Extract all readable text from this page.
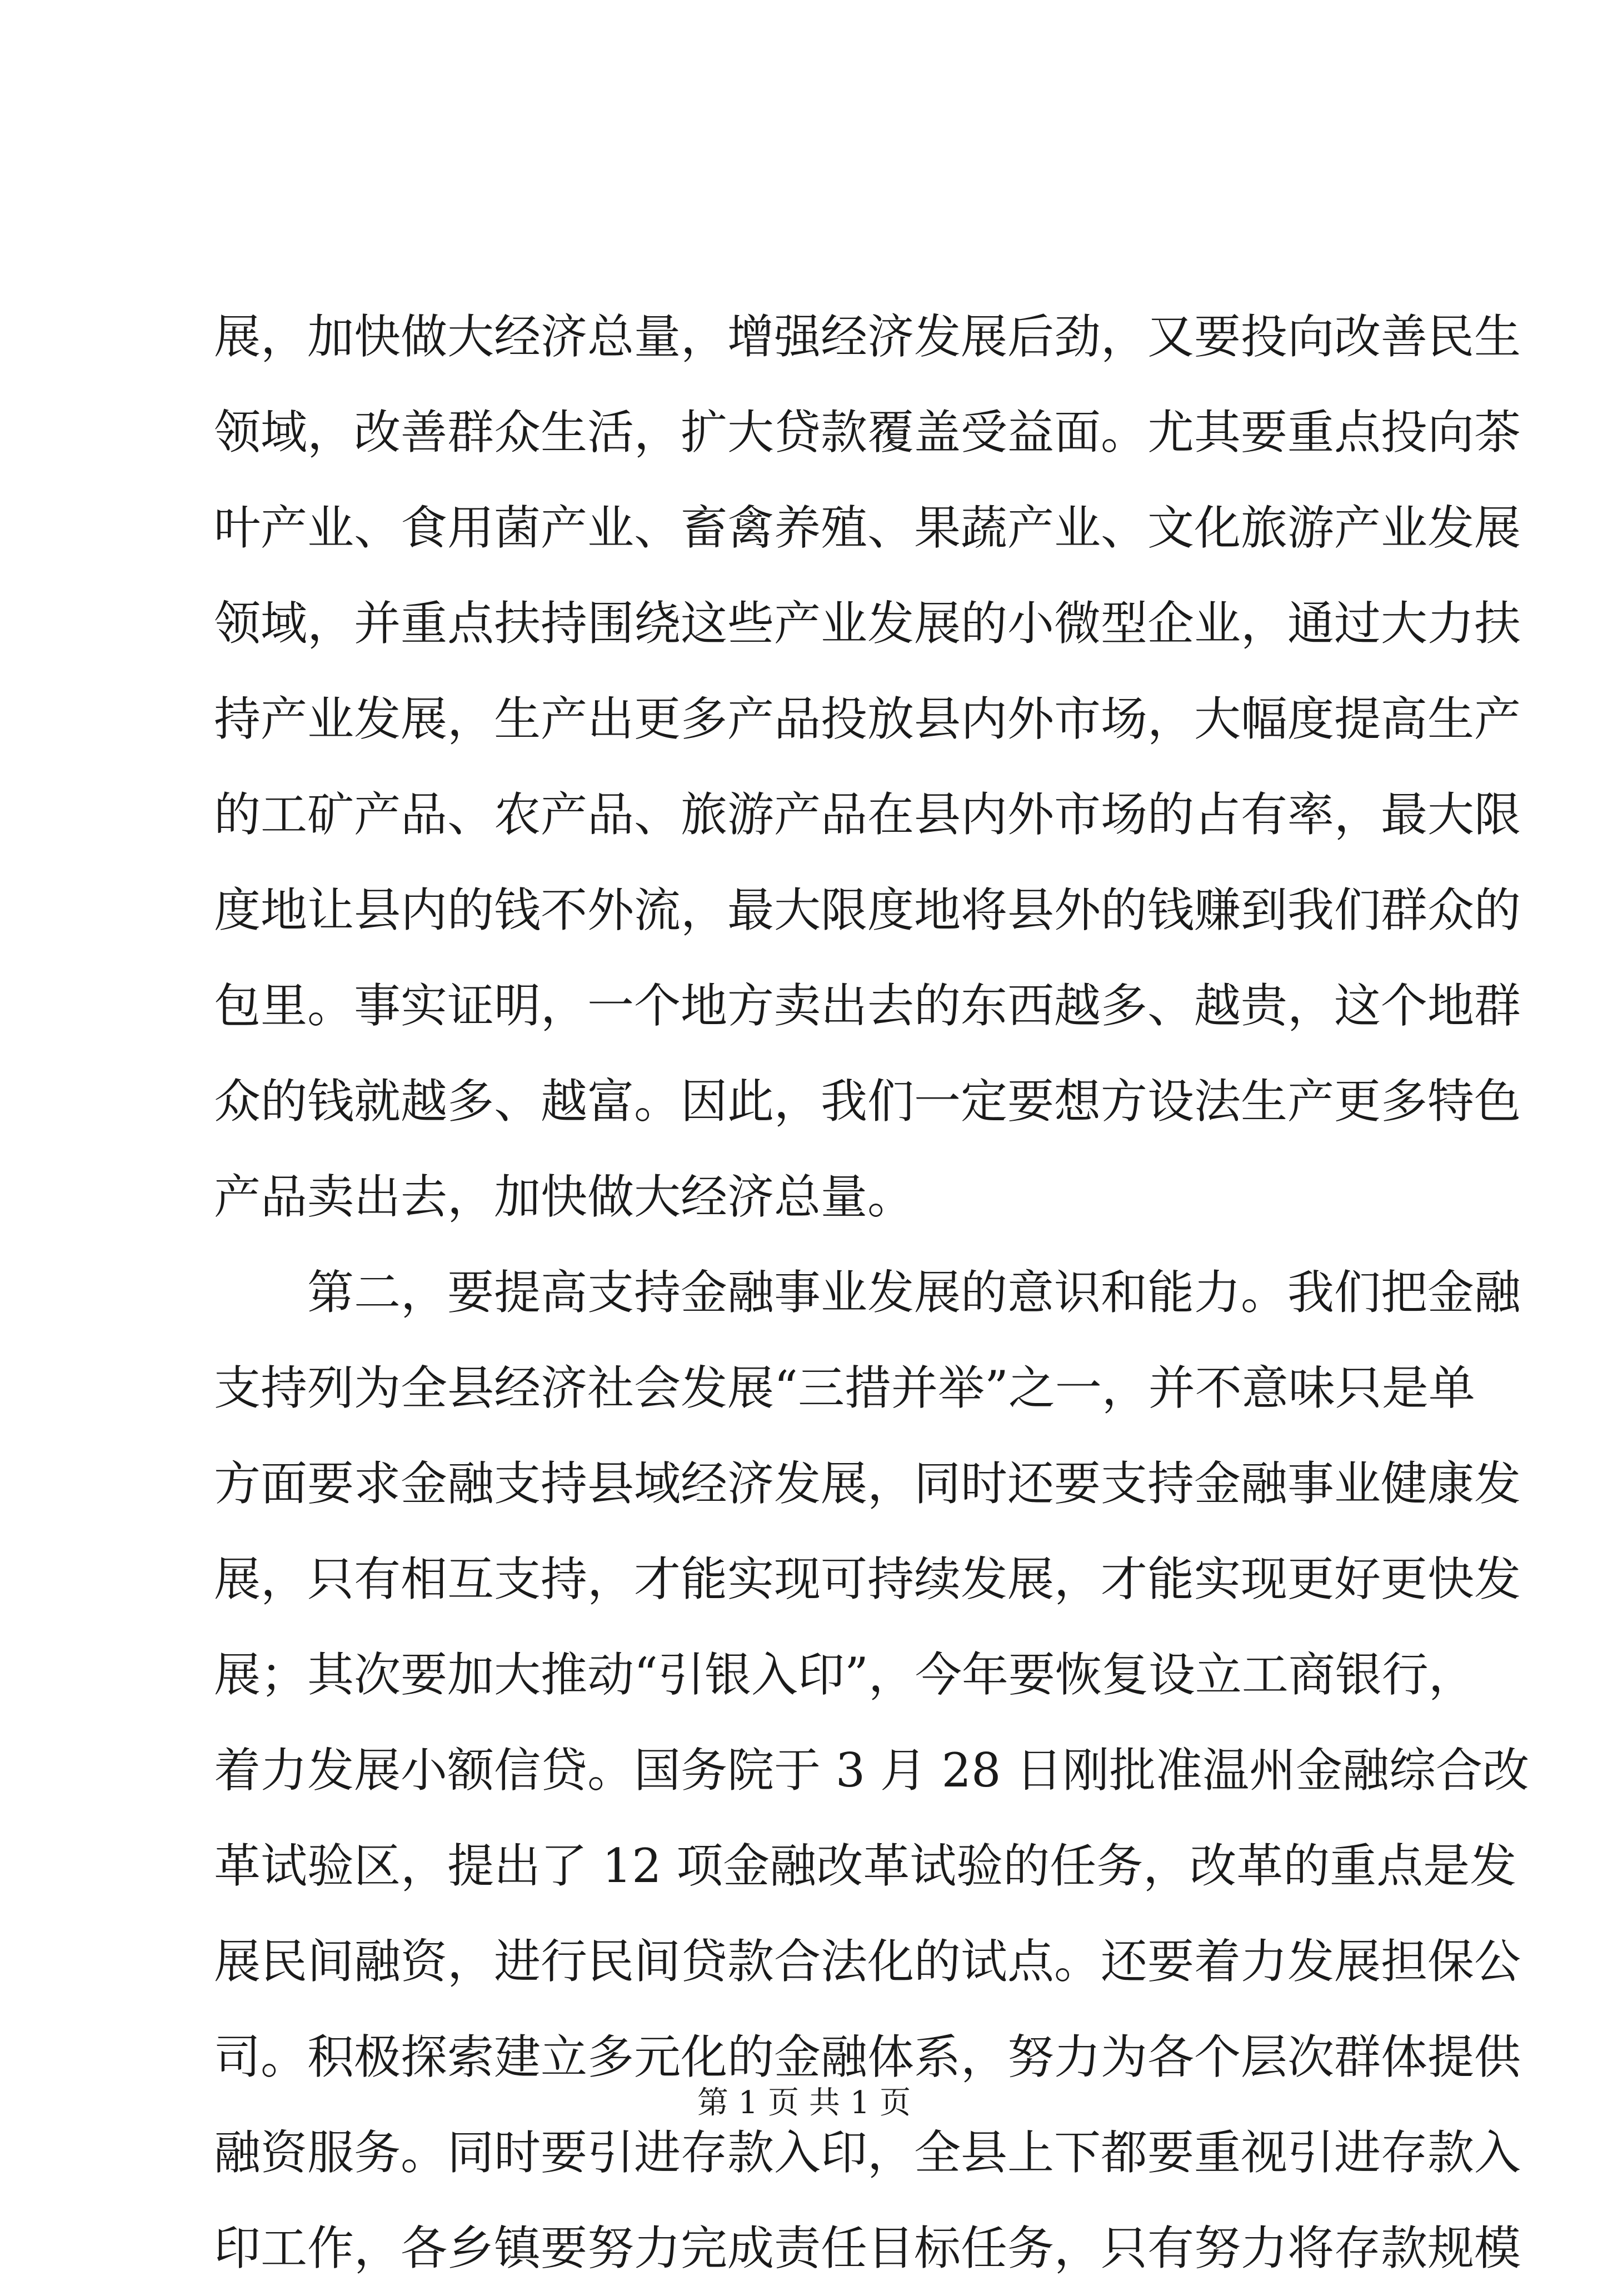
展，加快做大经济总量，增强经济发展后劲，又要投向改善民生
领域，改善群众生活，扩大贷款覆盖受益面。尤其要重点投向茶
叶产业、食用菌产业、畜禽养殖、果蔬产业、文化旅游产业发展
领域，并重点扶持围绕这些产业发展的小微型企业，通过大力扶
持产业发展，生产出更多产品投放县内外市场，大幅度提高生产
的工矿产品、农产品、旅游产品在县内外市场的占有率，最大限
度地让县内的钱不外流，最大限度地将县外的钱赚到我们群众的
包里。事实证明，一个地方卖出去的东西越多、越贵，这个地群
众的钱就越多、越富。因此，我们一定要想方设法生产更多特色
产品卖出去，加快做大经济总量。
第二，要提高支持金融事业发展的意识和能力。我们把金融
支持列为全县经济社会发展“三措并举”之一，并不意味只是单
方面要求金融支持县域经济发展，同时还要支持金融事业健康发
展，只有相互支持，才能实现可持续发展，才能实现更好更快发
展；其次要加大推动“引银入印”，今年要恢复设立工商银行，
着力发展小额信贷。国务院于 3 月 28 日刚批准温州金融综合改
革试验区，提出了 12 项金融改革试验的任务，改革的重点是发
展民间融资，进行民间贷款合法化的试点。还要着力发展担保公
司。积极探索建立多元化的金融体系，努力为各个层次群体提供
融资服务。同时要引进存款入印，全县上下都要重视引进存款入
印工作，各乡镇要努力完成责任目标任务，只有努力将存款规模
第 1 页 共 1 页
